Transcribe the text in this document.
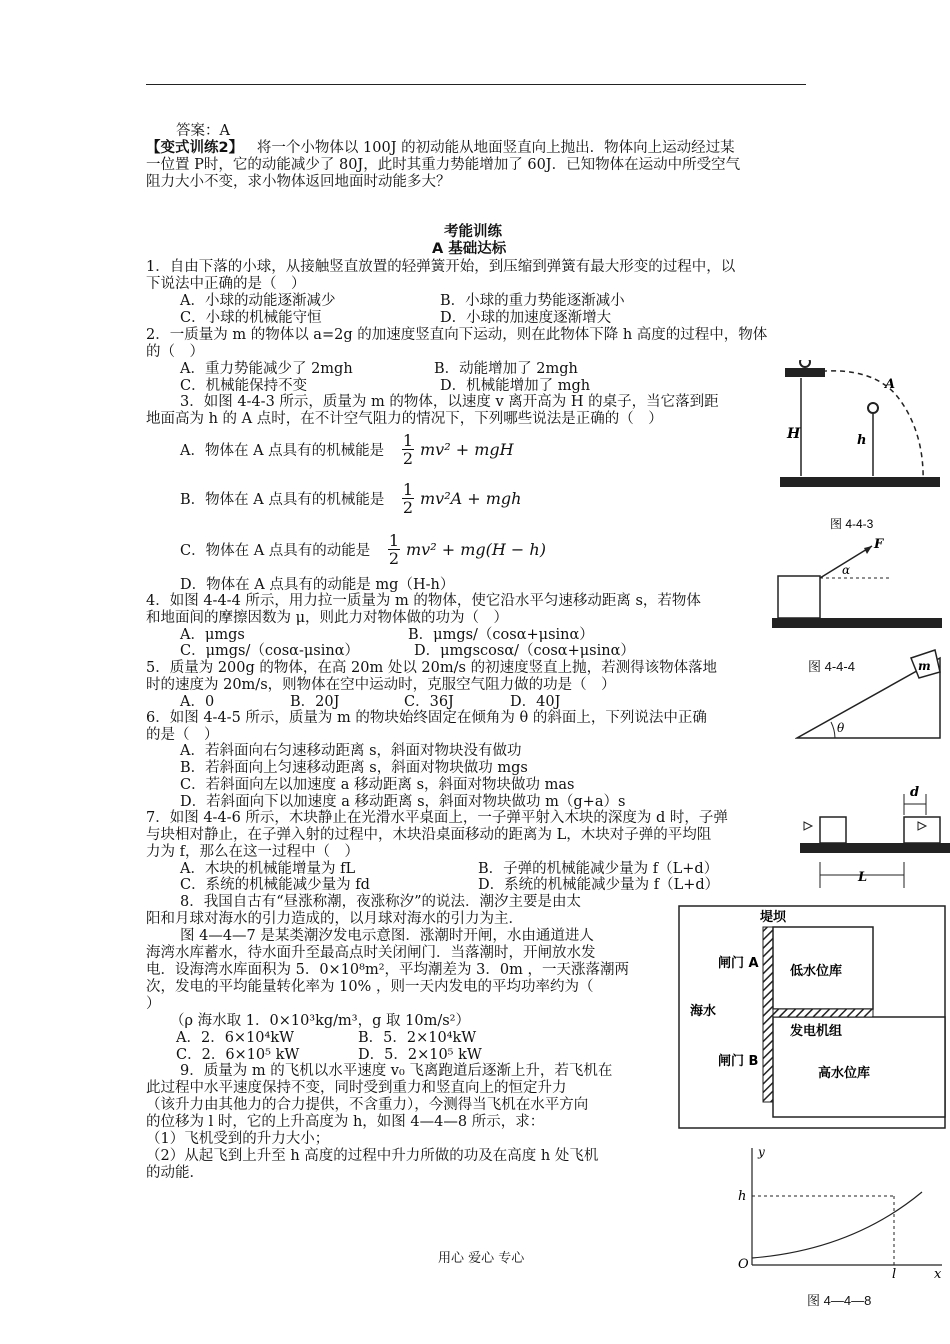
答案：A
【变式训练2】 将一个小物体以 100J 的初动能从地面竖直向上抛出．物体向上运动经过某
一位置 P时，它的动能减少了 80J，此时其重力势能增加了 60J．已知物体在运动中所受空气
阻力大小不变，求小物体返回地面时动能多大？
考能训练
A 基础达标
1．自由下落的小球，从接触竖直放置的轻弹簧开始，到压缩到弹簧有最大形变的过程中，以
下说法中正确的是（　）
A．小球的动能逐渐减少	B．小球的重力势能逐渐减小
C．小球的机械能守恒	D．小球的加速度逐渐增大
2．一质量为 m 的物体以 a=2g 的加速度竖直向下运动，则在此物体下降 h 高度的过程中，物体
的（　）
A．重力势能减少了 2mgh	B．动能增加了 2mgh
C．机械能保持不变	D．机械能增加了 mgh
3．如图 4-4-3 所示，质量为 m 的物体，以速度 v 离开高为 H 的桌子，当它落到距
地面高为 h 的 A 点时，在不计空气阻力的情况下，下列哪些说法是正确的（　）
A．物体在 A 点具有的机械能是
1
2 mv² + mgH
B．物体在 A 点具有的机械能是
1
2 mv²A + mgh
C．物体在 A 点具有的动能是
1
2 mv² + mg(H − h)
D．物体在 A 点具有的动能是 mg（H-h）
4．如图 4-4-4 所示，用力拉一质量为 m 的物体，使它沿水平匀速移动距离 s，若物体
和地面间的摩擦因数为 μ，则此力对物体做的功为（　）
A．μmgs	B．μmgs/（cosα+μsinα）
C．μmgs/（cosα-μsinα）	D．μmgscosα/（cosα+μsinα）
5．质量为 200g 的物体，在高 20m 处以 20m/s 的初速度竖直上抛，若测得该物体落地
时的速度为 20m/s，则物体在空中运动时，克服空气阻力做的功是（　）
A．0	B．20J	C．36J	D．40J
6．如图 4-4-5 所示，质量为 m 的物块始终固定在倾角为 θ 的斜面上，下列说法中正确
的是（　）
A．若斜面向右匀速移动距离 s，斜面对物块没有做功
B．若斜面向上匀速移动距离 s，斜面对物块做功 mgs
C．若斜面向左以加速度 a 移动距离 s，斜面对物块做功 mas
D．若斜面向下以加速度 a 移动距离 s，斜面对物块做功 m（g+a）s
7．如图 4-4-6 所示，木块静止在光滑水平桌面上，一子弹平射入木块的深度为 d 时，子弹
与块相对静止，在子弹入射的过程中，木块沿桌面移动的距离为 L，木块对子弹的平均阻
力为 f，那么在这一过程中（　）
A．木块的机械能增量为 fL	B．子弹的机械能减少量为 f（L+d）
C．系统的机械能减少量为 fd	D．系统的机械能减少量为 f（L+d）
8．我国自古有“昼涨称潮，夜涨称汐”的说法．潮汐主要是由太
阳和月球对海水的引力造成的，以月球对海水的引力为主．
图 4—4—7 是某类潮汐发电示意图．涨潮时开闸，水由通道进人
海湾水库蓄水，待水面升至最高点时关闭闸门．当落潮时，开闸放水发
电．设海湾水库面积为 5．0×10⁸m²，平均潮差为 3．0m ，一天涨落潮两
次，发电的平均能量转化率为 10% ，则一天内发电的平均功率约为（
）
（ρ 海水取 1．0×10³kg/m³，g 取 10m/s²）
A．2．6×10⁴kW	B．5．2×10⁴kW
C．2．6×10⁵ kW	D．5．2×10⁵ kW
9．质量为 m 的飞机以水平速度 v₀ 飞离跑道后逐渐上升，若飞机在
此过程中水平速度保持不变，同时受到重力和竖直向上的恒定升力
（该升力由其他力的合力提供，不含重力），今测得当飞机在水平方向
的位移为 l 时，它的上升高度为 h，如图 4—4—8 所示，求：
（1）飞机受到的升力大小；
（2）从起飞到上升至 h 高度的过程中升力所做的功及在高度 h 处飞机
的动能．
用心 爱心 专心
H	h
A
图 4-4-3
F
α
图 4-4-4	m
θ
d
L
堤坝
闸门 A
低水位库
海水
发电机组
闸门 B
高水位库
y
h
O
l	x
图 4—4—8
